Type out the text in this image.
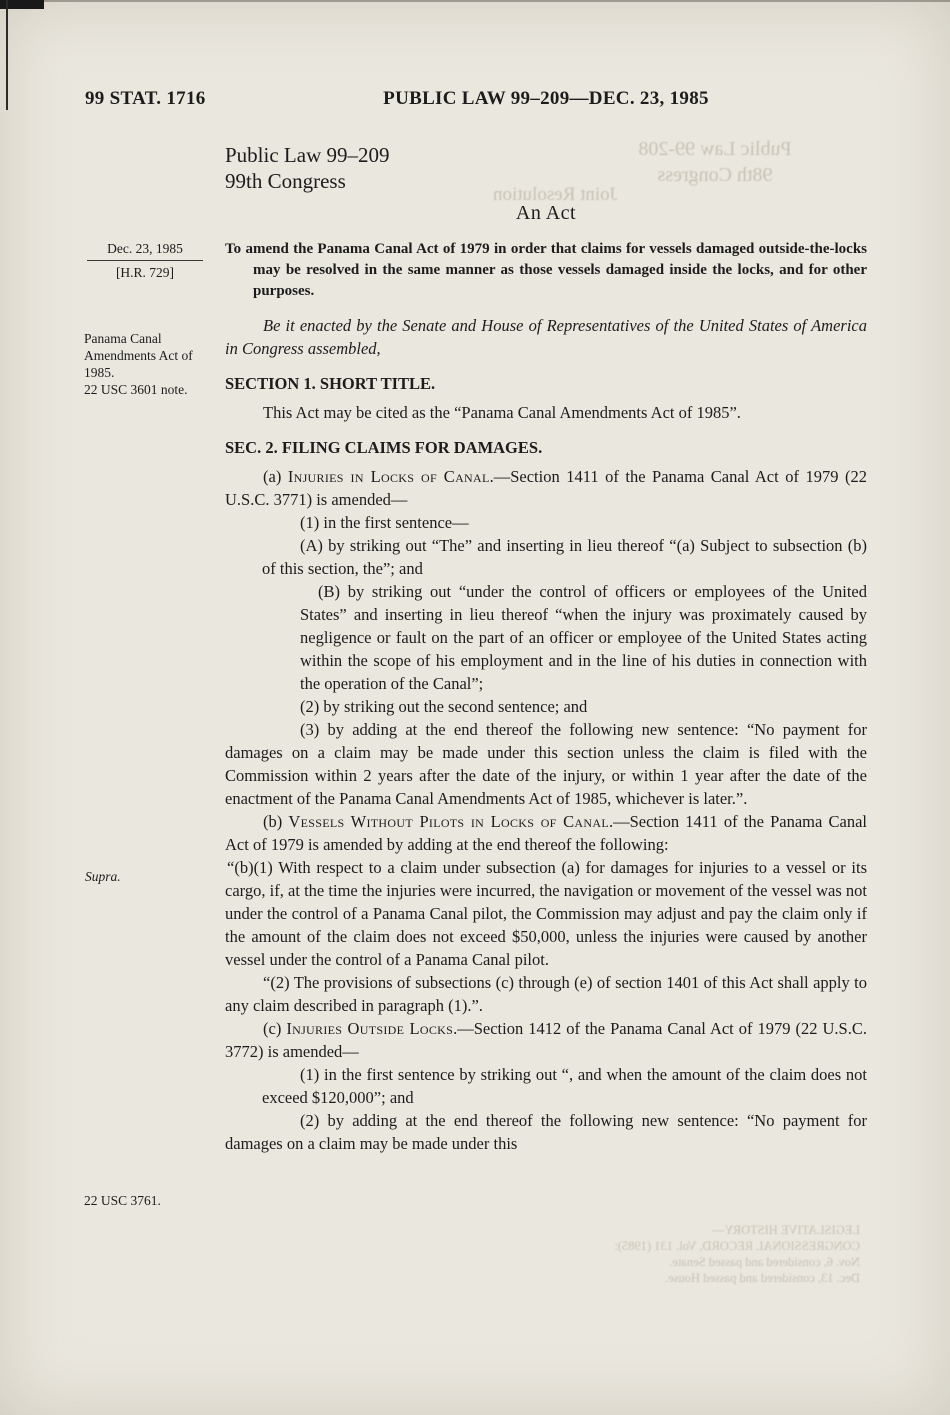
Public Law 99-208
98th Congress
Joint Resolution
LEGISLATIVE HISTORY—
CONGRESSIONAL RECORD, Vol. 131 (1985):
Nov. 6, considered and passed Senate.
Dec. 13, considered and passed House.
99 STAT. 1716	PUBLIC LAW 99–209—DEC. 23, 1985
Dec. 23, 1985
[H.R. 729]
Panama Canal Amendments Act of 1985.
22 USC 3601 note.
Supra.
22 USC 3761.
Public Law 99–209
99th Congress
An Act

To amend the Panama Canal Act of 1979 in order that claims for vessels damaged outside-the-locks may be resolved in the same manner as those vessels damaged inside the locks, and for other purposes.

Be it enacted by the Senate and House of Representatives of the United States of America in Congress assembled,

SECTION 1. SHORT TITLE.

This Act may be cited as the “Panama Canal Amendments Act of 1985”.

SEC. 2. FILING CLAIMS FOR DAMAGES.

(a) Injuries in Locks of Canal.—Section 1411 of the Panama Canal Act of 1979 (22 U.S.C. 3771) is amended—

(1) in the first sentence—

(A) by striking out “The” and inserting in lieu thereof “(a) Subject to subsection (b) of this section, the”; and

(B) by striking out “under the control of officers or employees of the United States” and inserting in lieu thereof “when the injury was proximately caused by negligence or fault on the part of an officer or employee of the United States acting within the scope of his employment and in the line of his duties in connection with the operation of the Canal”;

(2) by striking out the second sentence; and

(3) by adding at the end thereof the following new sentence: “No payment for damages on a claim may be made under this section unless the claim is filed with the Commission within 2 years after the date of the injury, or within 1 year after the date of the enactment of the Panama Canal Amendments Act of 1985, whichever is later.”.

(b) Vessels Without Pilots in Locks of Canal.—Section 1411 of the Panama Canal Act of 1979 is amended by adding at the end thereof the following:

“(b)(1) With respect to a claim under subsection (a) for damages for injuries to a vessel or its cargo, if, at the time the injuries were incurred, the navigation or movement of the vessel was not under the control of a Panama Canal pilot, the Commission may adjust and pay the claim only if the amount of the claim does not exceed $50,000, unless the injuries were caused by another vessel under the control of a Panama Canal pilot.

“(2) The provisions of subsections (c) through (e) of section 1401 of this Act shall apply to any claim described in paragraph (1).”.

(c) Injuries Outside Locks.—Section 1412 of the Panama Canal Act of 1979 (22 U.S.C. 3772) is amended—

(1) in the first sentence by striking out “, and when the amount of the claim does not exceed $120,000”; and

(2) by adding at the end thereof the following new sentence: “No payment for damages on a claim may be made under this
